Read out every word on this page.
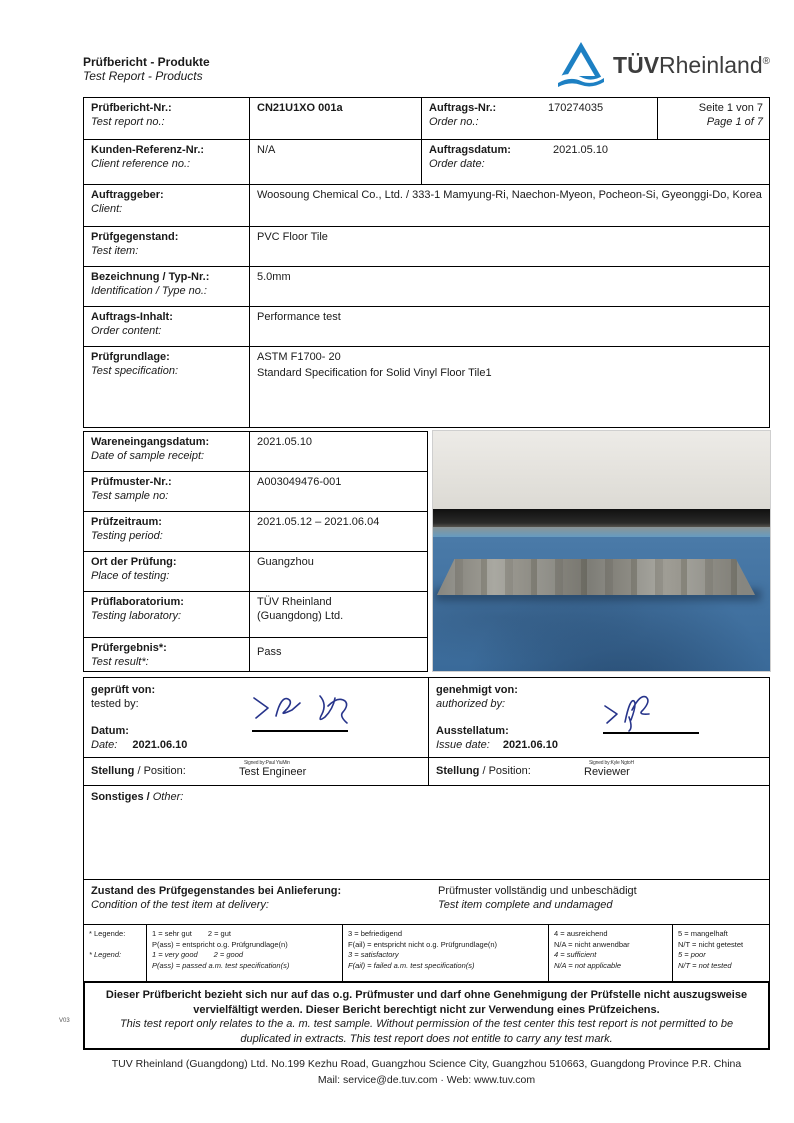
Prüfbericht - Produkte
Test Report - Products	TÜVRheinland®
Prüfbericht-Nr.:
Test report no.:
CN21U1XO 001a	Auftrags-Nr.:
Order no.:
170274035	Seite 1 von 7
Page 1 of 7
Kunden-Referenz-Nr.:
Client reference no.:
N/A	Auftragsdatum:
Order date:
2021.05.10
Auftraggeber:
Client:
Woosoung Chemical Co., Ltd. / 333-1 Mamyung-Ri, Naechon-Myeon, Pocheon-Si, Gyeonggi-Do, Korea
Prüfgegenstand:
Test item:
PVC Floor Tile
Bezeichnung / Typ-Nr.:
Identification / Type no.:
5.0mm
Auftrags-Inhalt:
Order content:
Performance test
Prüfgrundlage:
Test specification:
ASTM F1700- 20
Standard Specification for Solid Vinyl Floor Tile1
Wareneingangsdatum:
Date of sample receipt:
2021.05.10
Prüfmuster-Nr.:
Test sample no:
A003049476-001
Prüfzeitraum:
Testing period:
2021.05.12 – 2021.06.04
Ort der Prüfung:
Place of testing:
Guangzhou
Prüflaboratorium:
Testing laboratory:
TÜV Rheinland
(Guangdong) Ltd.
Prüfergebnis*:
Test result*:
Pass
geprüft von:
tested by:
Datum:
Date: 2021.06.10
Stellung / Position:
Signed by:Paul YiuMin
Test Engineer
genehmigt von:
authorized by:
Ausstellatum:
Issue date: 2021.06.10
Stellung / Position:
Signed by:Kyle NgtoH
Reviewer
Sonstiges / Other:
Zustand des Prüfgegenstandes bei Anlieferung:
Condition of the test item at delivery:
Prüfmuster vollständig und unbeschädigt
Test item complete and undamaged
* Legende:

* Legend:
1 = sehr gut 2 = gut
P(ass) = entspricht o.g. Prüfgrundlage(n)
1 = very good 2 = good
P(ass) = passed a.m. test specification(s)
3 = befriedigend
F(ail) = entspricht nicht o.g. Prüfgrundlage(n)
3 = satisfactory
F(ail) = failed a.m. test specification(s)
4 = ausreichend
N/A = nicht anwendbar
4 = sufficient
N/A = not applicable
5 = mangelhaft
N/T = nicht getestet
5 = poor
N/T = not tested
Dieser Prüfbericht bezieht sich nur auf das o.g. Prüfmuster und darf ohne Genehmigung der Prüfstelle nicht auszugsweise vervielfältigt werden. Dieser Bericht berechtigt nicht zur Verwendung eines Prüfzeichens.
This test report only relates to the a. m. test sample. Without permission of the test center this test report is not permitted to be duplicated in extracts. This test report does not entitle to carry any test mark.
V03
TUV Rheinland (Guangdong) Ltd. No.199 Kezhu Road, Guangzhou Science City, Guangzhou 510663, Guangdong Province P.R. China
Mail: service@de.tuv.com · Web: www.tuv.com
